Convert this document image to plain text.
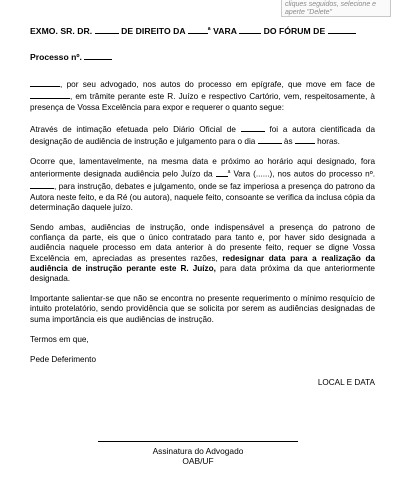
cliques seguidos, selecione e aperte "Delete"
EXMO. SR. DR.	DE DIREITO DA	$^a$ VARA	DO FÓRUM DE
Processo nº.

, por seu advogado, nos autos do processo em epígrafe, que move em face de , em trâmite perante este R. Juízo e respectivo Cartório, vem, respeitosamente, à presença de Vossa Excelência para expor e requerer o quanto segue:

Através de intimação efetuada pelo Diário Oficial de	foi a autora cientificada da designação de audiência de instrução e julgamento para o dia	às	horas.

Ocorre que, lamentavelmente, na mesma data e próximo ao horário aqui designado, fora anteriormente designada audiência pelo Juízo da	$^a$ Vara (......), nos autos do processo nº. , para instrução, debates e julgamento, onde se faz imperiosa a presença do patrono da Autora neste feito, e da Ré (ou autora), naquele feito, consoante se verifica da inclusa cópia da determinação daquele juízo.

Sendo ambas, audiências de instrução, onde indispensável a presença do patrono de confiança da parte, eis que o único contratado para tanto e, por haver sido designada a audiência naquele processo em data anterior à do presente feito, requer se digne Vossa Excelência em, apreciadas as presentes razões, redesignar data para a realização da audiência de instrução perante este R. Juízo, para data próxima da que anteriormente designada.

Importante salientar-se que não se encontra no presente requerimento o mínimo resquício de intuito protelatório, sendo providência que se solicita por serem as audiências designadas de suma importância eis que audiências de instrução.

Termos em que,

Pede Deferimento

LOCAL E DATA

Assinatura do Advogado
OAB/UF
